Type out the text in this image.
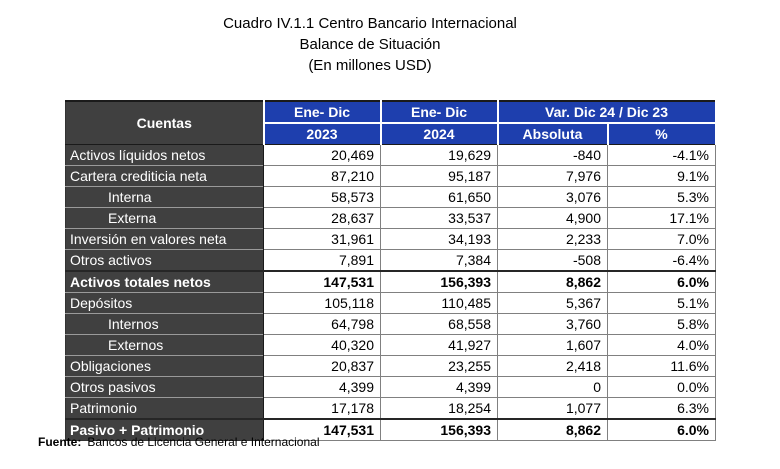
Cuadro IV.1.1 Centro Bancario Internacional
Balance de Situación
(En millones USD)
Cuentas	Ene- Dic	Ene- Dic	Var. Dic 24 / Dic 23	
	2023	2024	Absoluta	%
Activos líquidos netos	20,469	19,629	-840	-4.1%
Cartera crediticia neta	87,210	95,187	7,976	9.1%
Interna	58,573	61,650	3,076	5.3%
Externa	28,637	33,537	4,900	17.1%
Inversión en valores neta	31,961	34,193	2,233	7.0%
Otros activos	7,891	7,384	-508	-6.4%
Activos totales netos	147,531	156,393	8,862	6.0%
Depósitos	105,118	110,485	5,367	5.1%
Internos	64,798	68,558	3,760	5.8%
Externos	40,320	41,927	1,607	4.0%
Obligaciones	20,837	23,255	2,418	11.6%
Otros pasivos	4,399	4,399	0	0.0%
Patrimonio	17,178	18,254	1,077	6.3%
Pasivo + Patrimonio	147,531	156,393	8,862	6.0%
Fuente: Bancos de Licencia General e Internacional
